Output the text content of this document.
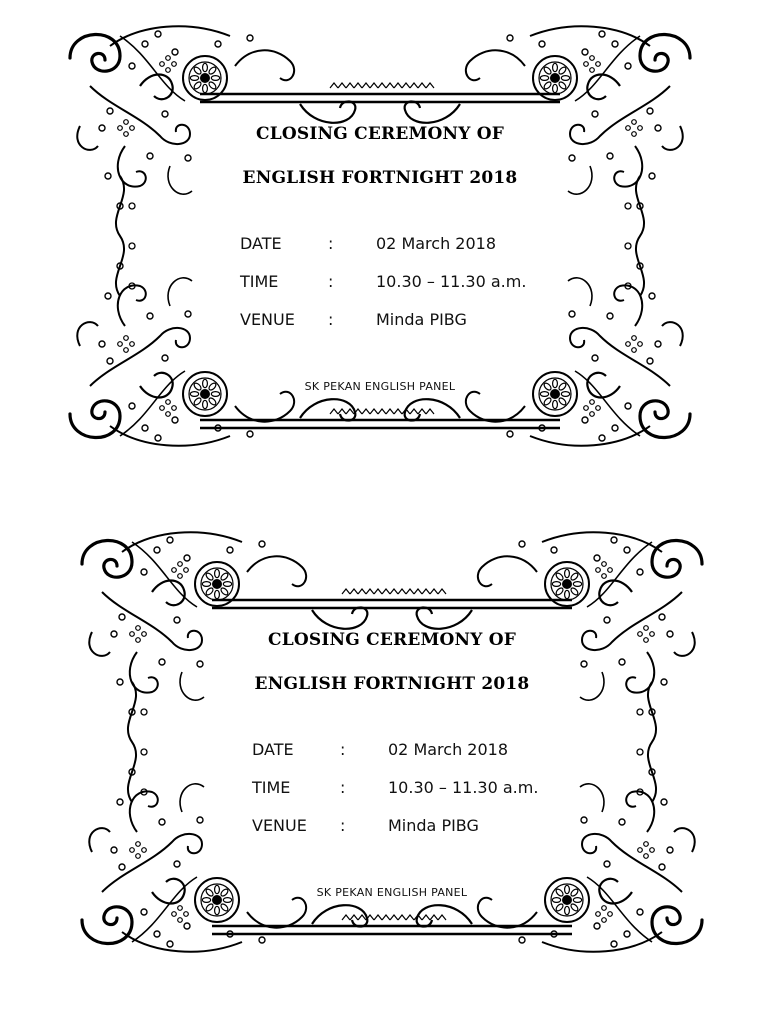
CLOSING CEREMONY OF
ENGLISH FORTNIGHT 2018
DATE	:	02 March 2018
TIME	:	10.30 – 11.30 a.m.
VENUE :	Minda PIBG
SK PEKAN ENGLISH PANEL
CLOSING CEREMONY OF
ENGLISH FORTNIGHT 2018
DATE	:	02 March 2018
TIME	:	10.30 – 11.30 a.m.
VENUE :	Minda PIBG
SK PEKAN ENGLISH PANEL
